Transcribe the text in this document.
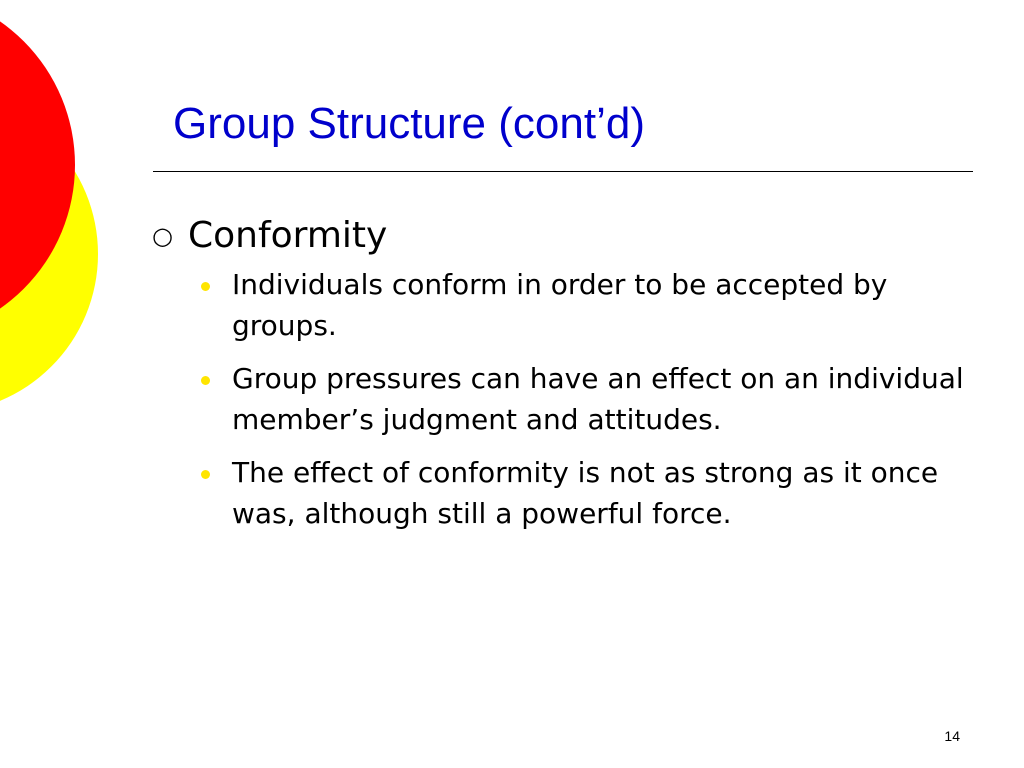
Group Structure (cont’d)
○ Conformity
Individuals conform in order to be accepted by groups.
Group pressures can have an effect on an individual member’s judgment and attitudes.
The effect of conformity is not as strong as it once was, although still a powerful force.
14
